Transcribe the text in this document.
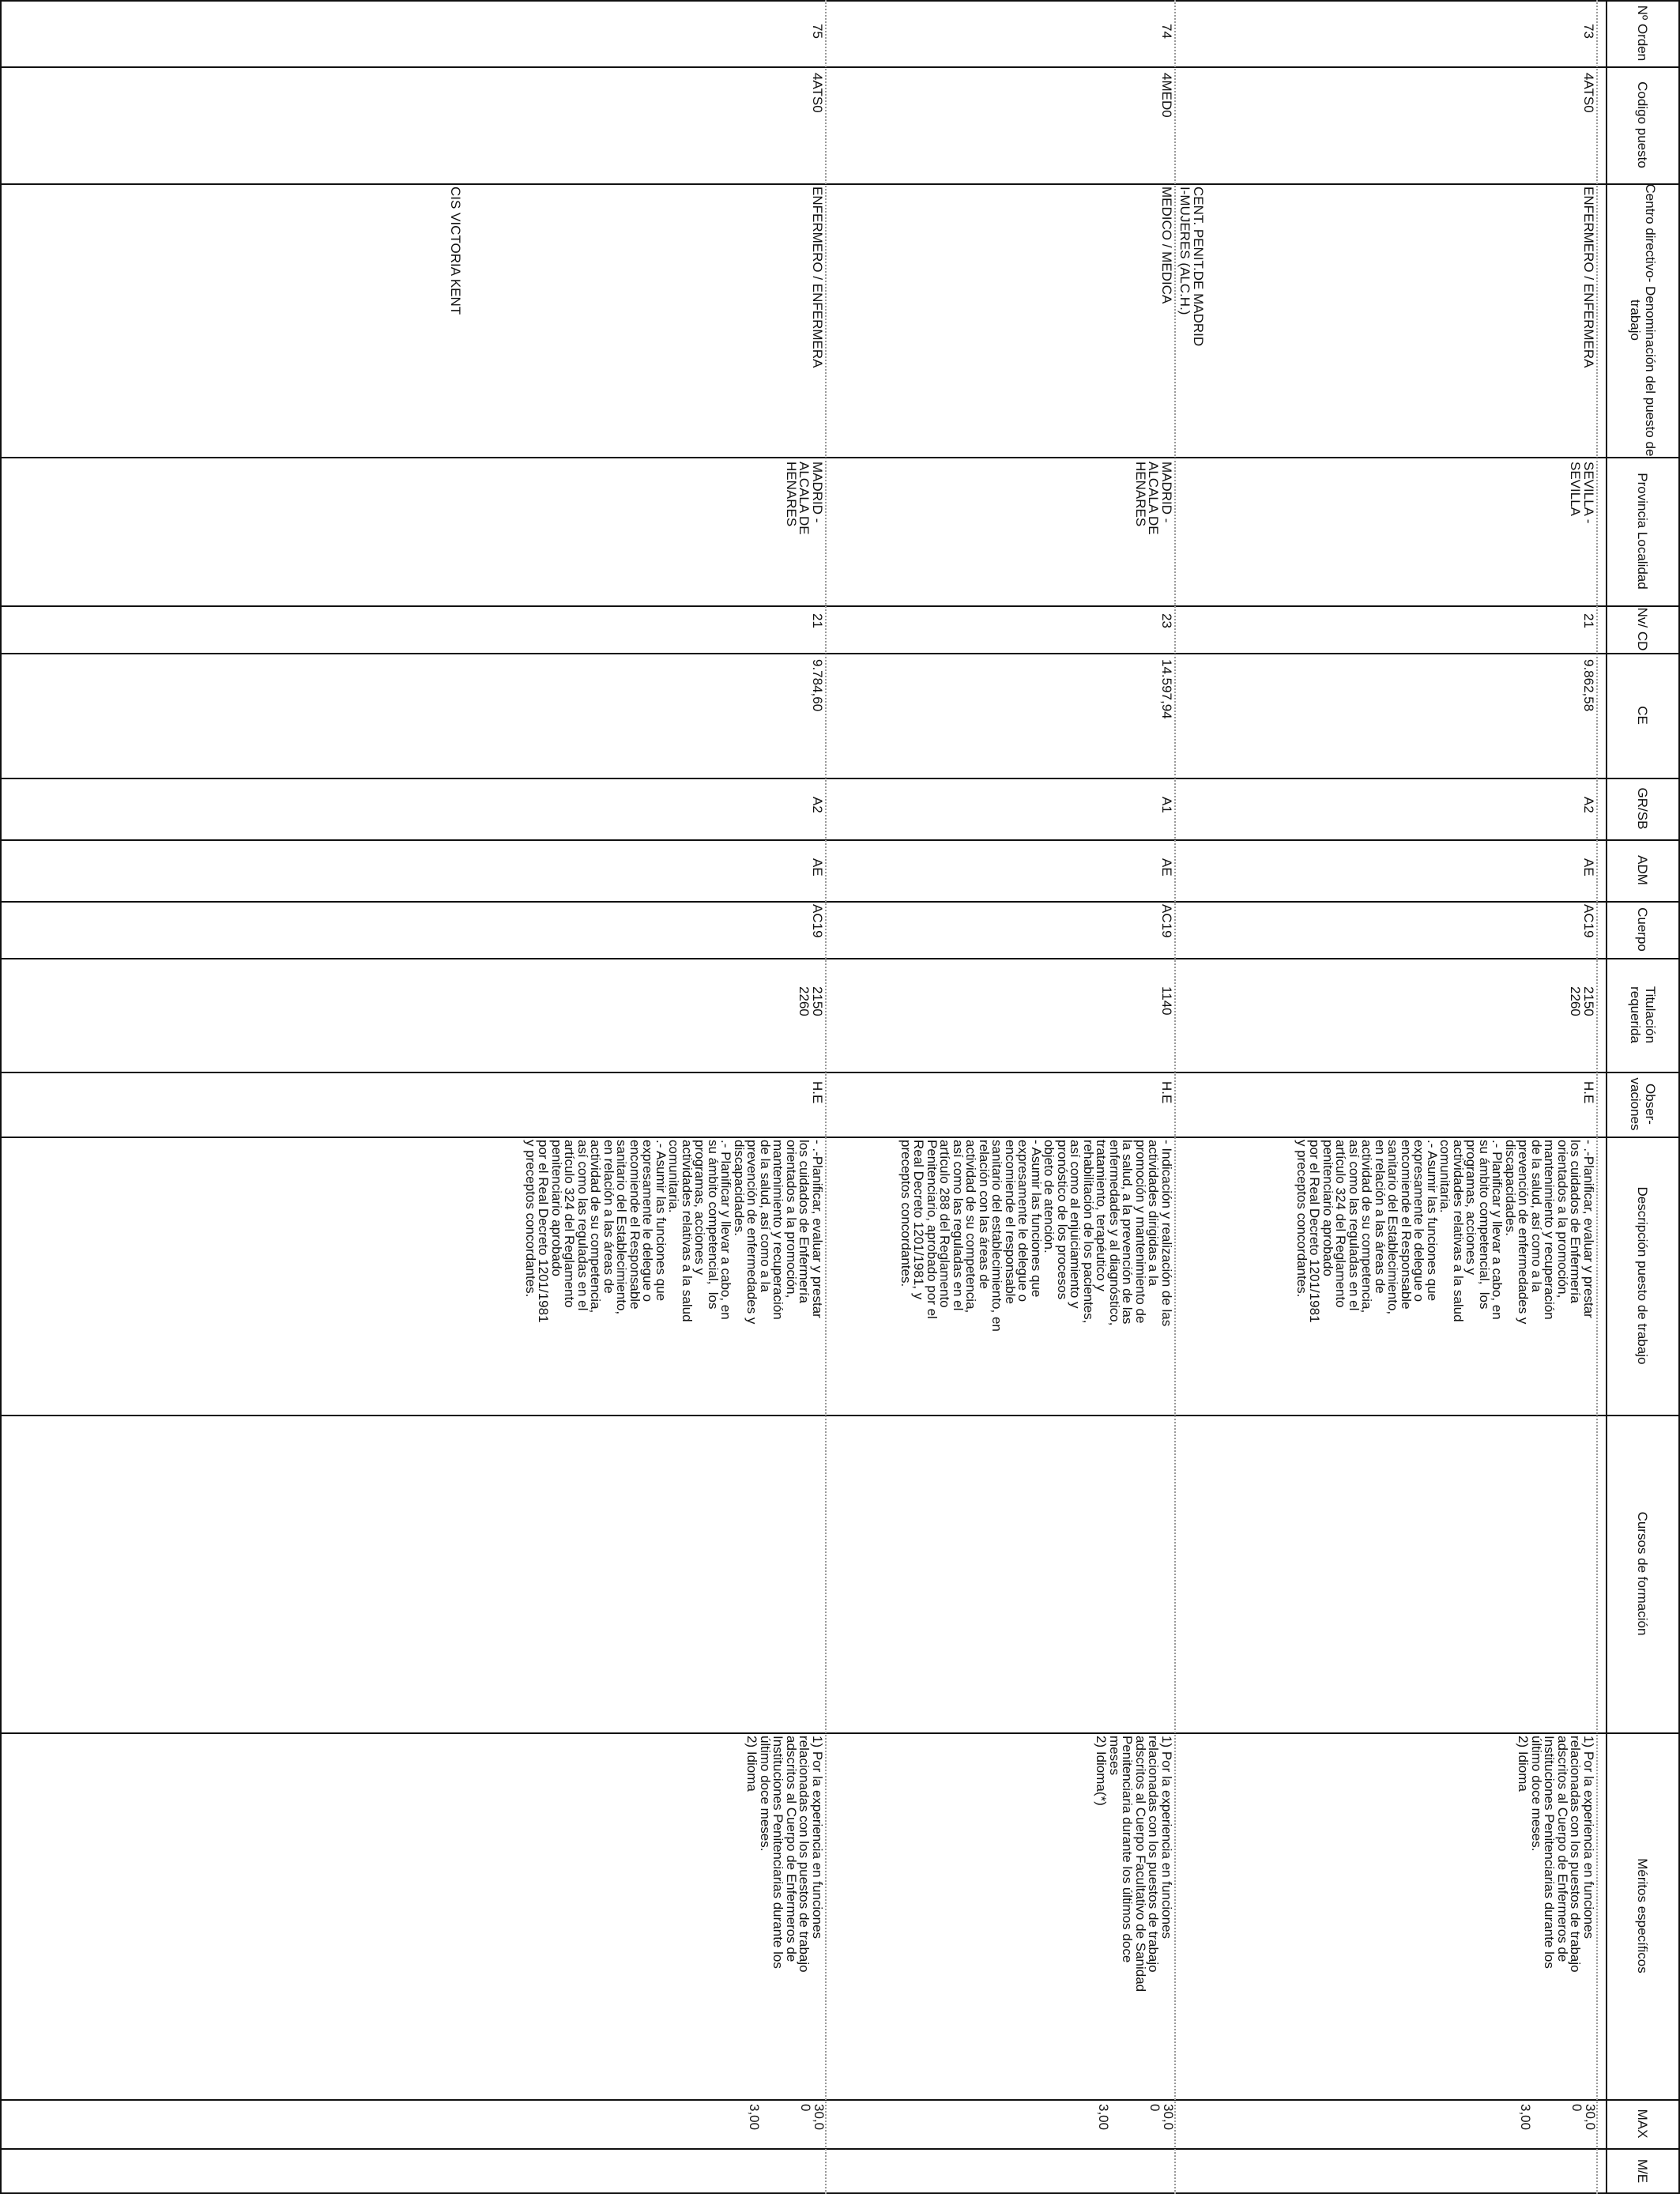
Nº Orden
Codigo puesto
Centro directivo- Denominación del puesto de trabajo
Provincia Localidad
Nv/ CD
CE
GR/SB
ADM
Cuerpo
Titulación requerida
Obser- vaciones
Descripción puesto de trabajo
Cursos de formación
Méritos específicos
MAX
M/E
73
4ATS0
ENFERMERO / ENFERMERA
SEVILLA -
SEVILLA
21
9.862,58
A2
AE
AC19
2150
2260
H.E
- .-Planificar, evaluar y prestar
los cuidados de Enfermería
orientados a la promoción,
mantenimiento y recuperación
de la salud, así como a la
prevención de enfermedades y
discapacidades.
.- Planificar y llevar a cabo, en
su ámbito competencial,  los
programas, acciones y
actividades relativas a la salud
comunitaria.
.- Asumir las funciones que
expresamente le delegue o
encomiende el Responsable
sanitario del Establecimiento,
en relación a las áreas de
actividad de su competencia,
así como las reguladas en el
artículo 324 del Reglamento
penitenciario aprobado
por el Real Decreto 1201/1981
y preceptos concordantes.
1) Por la experiencia en funciones
relacionadas con los puestos de trabajo
adscritos al Cuerpo de Enfermeros de
Instituciones Penitenciarias durante los
último doce meses.
2) Idioma
30,0
0
3,00
CENT. PENIT.DE MADRID
I-MUJERES (ALC.H.)
74
4MED0
MEDICO / MEDICA
MADRID -
ALCALA DE
HENARES
23
14.597,94
A1
AE
AC19
1140
H.E
- Indicación y realización de las
actividades dirigidas a la
promoción y mantenimiento de
la salud, a la prevención de las
enfermedades y al diagnóstico,
tratamiento, terapéutico y
rehabilitación de los pacientes,
así como al enjuiciamiento y
pronóstico de los procesos
objeto de atención.
- Asumir las funciones que
expresamente le delegue o
encomiende el responsable
sanitario del establecimiento, en
relación con las áreas de
actividad de su competencia,
así como las reguladas en el
artículo 288 del Reglamento
Penitenciario, aprobado por el
Real Decreto 1201/1981, y
preceptos concordantes.
1) Por la experiencia en funciones
relacionadas con los puestos de trabajo
adscritos al Cuerpo Facultativo de Sanidad
Penitenciaria durante los últimos doce
meses
2) Idioma(*)
30,0
0
3,00
75
4ATS0
ENFERMERO / ENFERMERA
CIS VICTORIA KENT
MADRID -
ALCALA DE
HENARES
21
9.784,60
A2
AE
AC19
2150
2260
H.E
- .-Planificar, evaluar y prestar
los cuidados de Enfermería
orientados a la promoción,
mantenimiento y recuperación
de la salud, así como a la
prevención de enfermedades y
discapacidades.
.- Planificar y llevar a cabo, en
su ámbito competencial,  los
programas, acciones y
actividades relativas a la salud
comunitaria.
.- Asumir las funciones que
expresamente le delegue o
encomiende el Responsable
sanitario del Establecimiento,
en relación a las áreas de
actividad de su competencia,
así como las reguladas en el
artículo 324 del Reglamento
penitenciario aprobado
por el Real Decreto 1201/1981
y preceptos concordantes.
1) Por la experiencia en funciones
relacionadas con los puestos de trabajo
adscritos al Cuerpo de Enfermeros de
Instituciones Penitenciarias durante los
último doce meses.
2) Idioma
30,0
0
3,00
